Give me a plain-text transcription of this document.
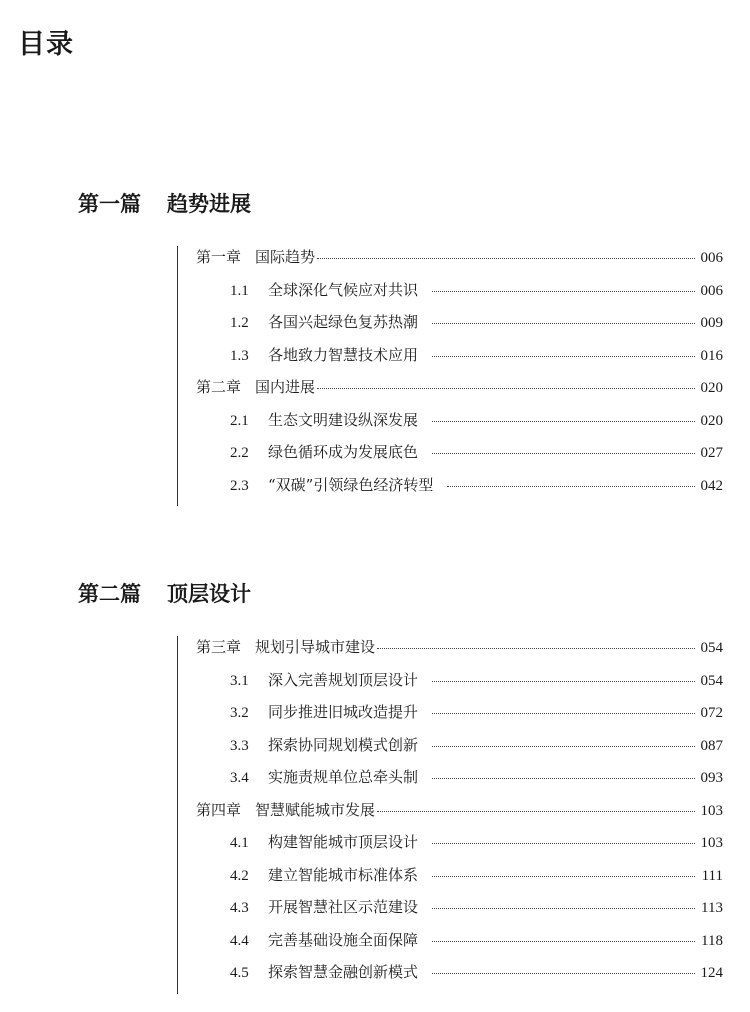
目录
第一篇 趋势进展
第一章 国际趋势	006
1.1 全球深化气候应对共识	006
1.2 各国兴起绿色复苏热潮	009
1.3 各地致力智慧技术应用	016
第二章 国内进展	020
2.1 生态文明建设纵深发展	020
2.2 绿色循环成为发展底色	027
2.3 “双碳”引领绿色经济转型	042
第二篇 顶层设计
第三章 规划引导城市建设	054
3.1 深入完善规划顶层设计	054
3.2 同步推进旧城改造提升	072
3.3 探索协同规划模式创新	087
3.4 实施责规单位总牵头制	093
第四章 智慧赋能城市发展	103
4.1 构建智能城市顶层设计	103
4.2 建立智能城市标准体系	111
4.3 开展智慧社区示范建设	113
4.4 完善基础设施全面保障	118
4.5 探索智慧金融创新模式	124
